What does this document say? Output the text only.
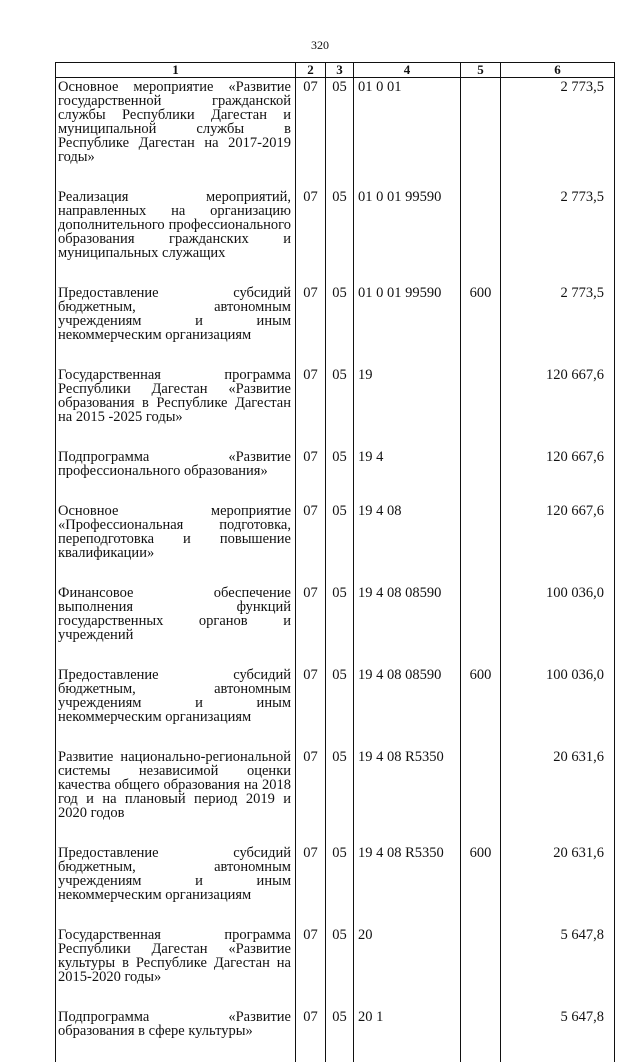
320
1	2	3	4	5	6
Основное мероприятие «Развитие государственной гражданской службы Республики Дагестан и муниципальной службы в Республике Дагестан на 2017-2019 годы»	07	05	01 0 01		2 773,5

Реализация мероприятий, направленных на организацию дополнительного профессионального образования гражданских и муниципальных служащих	07	05	01 0 01 99590		2 773,5

Предоставление субсидий бюджетным, автономным учреждениям и иным некоммерческим организациям	07	05	01 0 01 99590	600	2 773,5

Государственная программа Республики Дагестан «Развитие образования в Республике Дагестан на 2015 -2025 годы»	07	05	19		120 667,6

Подпрограмма «Развитие профессионального образования»	07	05	19 4		120 667,6

Основное мероприятие «Профессиональная подготовка, переподготовка и повышение квалификации»	07	05	19 4 08		120 667,6

Финансовое обеспечение выполнения функций государственных органов и учреждений	07	05	19 4 08 08590		100 036,0

Предоставление субсидий бюджетным, автономным учреждениям и иным некоммерческим организациям	07	05	19 4 08 08590	600	100 036,0

Развитие национально-региональной системы независимой оценки качества общего образования на 2018 год и на плановый период 2019 и 2020 годов	07	05	19 4 08 R5350		20 631,6

Предоставление субсидий бюджетным, автономным учреждениям и иным некоммерческим организациям	07	05	19 4 08 R5350	600	20 631,6

Государственная программа Республики Дагестан «Развитие культуры в Республике Дагестан на 2015-2020 годы»	07	05	20		5 647,8

Подпрограмма «Развитие образования в сфере культуры»	07	05	20 1		5 647,8
